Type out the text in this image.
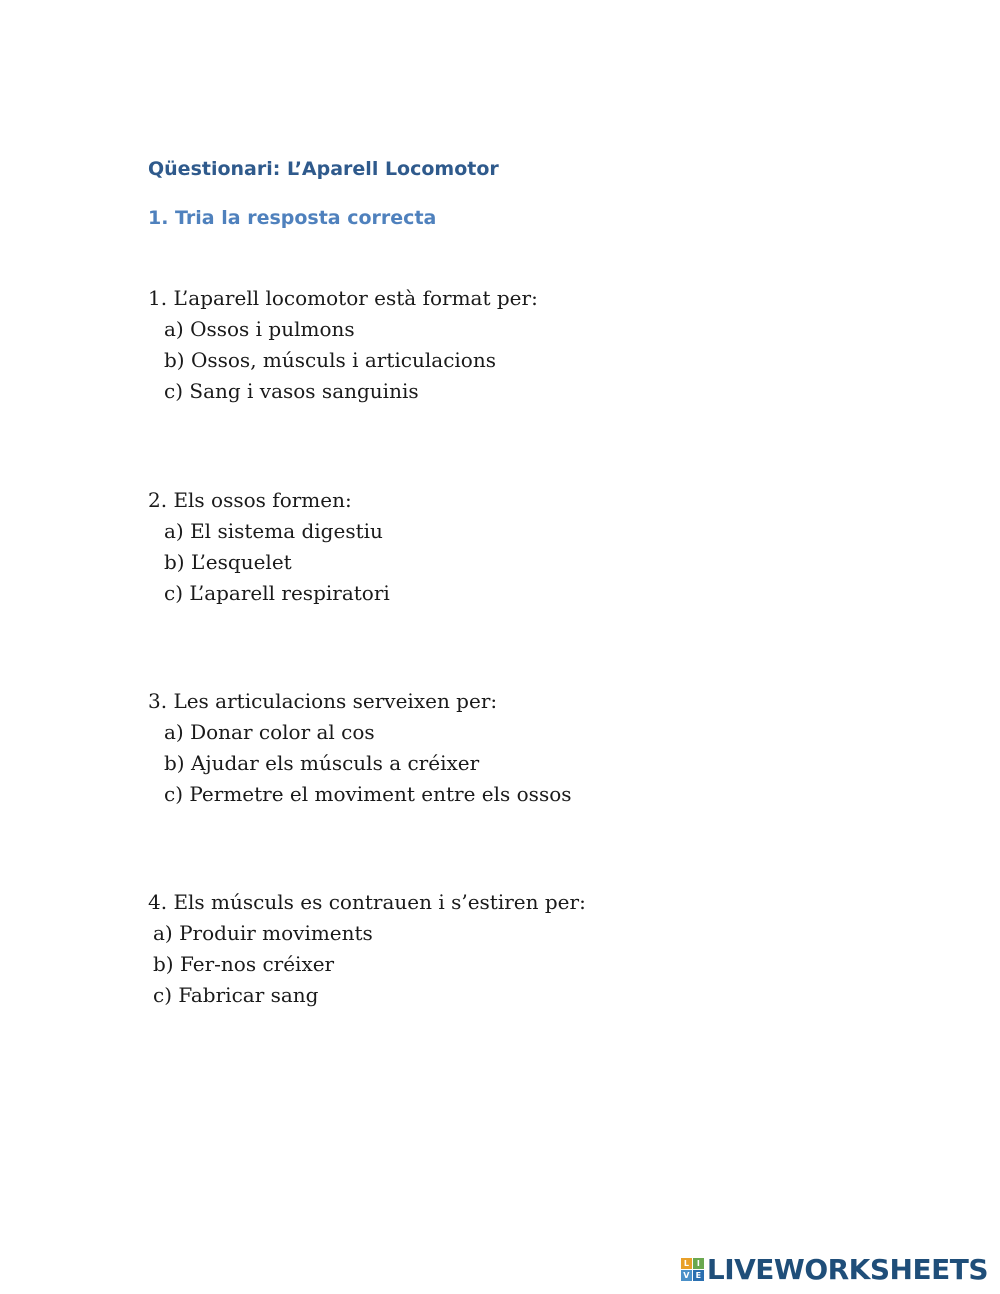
Qüestionari: L’Aparell Locomotor
1. Tria la resposta correcta
1. L’aparell locomotor està format per:
a) Ossos i pulmons
b) Ossos, músculs i articulacions
c) Sang i vasos sanguinis
2. Els ossos formen:
a) El sistema digestiu
b) L’esquelet
c) L’aparell respiratori
3. Les articulacions serveixen per:
a) Donar color al cos
b) Ajudar els músculs a créixer
c) Permetre el moviment entre els ossos
4. Els músculs es contrauen i s’estiren per:
a) Produir moviments
b) Fer-nos créixer
c) Fabricar sang
L I
V E LIVEWORKSHEETS
